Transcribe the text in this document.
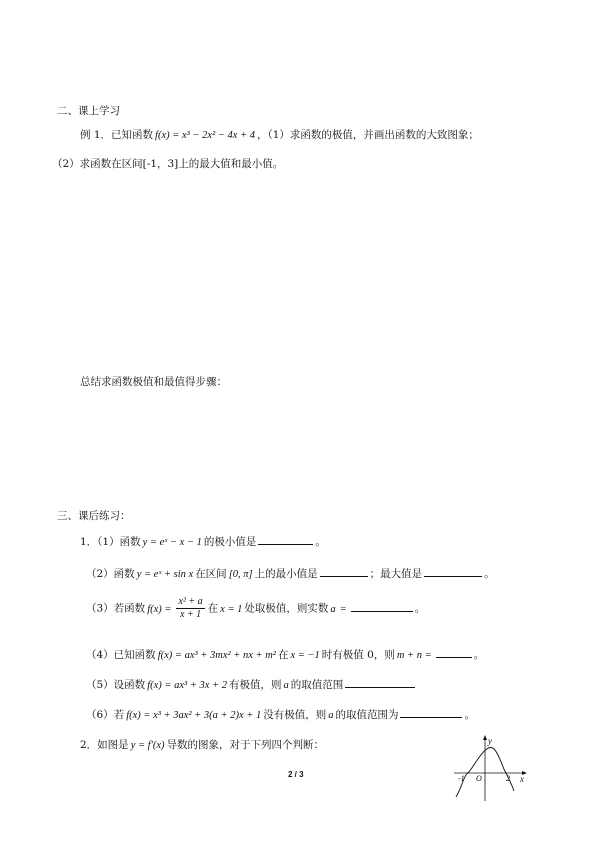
二、课上学习
例 1．已知函数 f(x) = x³ − 2x² − 4x + 4 ，（1）求函数的极值，并画出函数的大致图象；
（2）求函数在区间[-1，3]上的最大值和最小值。
总结求函数极值和最值得步骤：
三、课后练习：
1．（1）函数 y = eˣ − x − 1 的极小值是	。
（2）函数 y = eˣ + sin x 在区间 [0, π] 上的最小值是	；最大值是	。
（3）若函数 $f(x) = \frac{\text{x² + a}}{x + 1}$ 在 x = 1 处取极值，则实数 a =	。
（4）已知函数 f(x) = ax³ + 3mx² + nx + m² 在 x = −1 时有极值 0，则 m + n =	。
（5）设函数 f(x) = ax³ + 3x + 2 有极值，则 a 的取值范围
（6）若 f(x) = x³ + 3ax² + 3(a + 2)x + 1 没有极值，则 a 的取值范围为	。
2．如图是 y = f′(x) 导数的图象，对于下列四个判断：	y
x
O
-1	2
2 / 3
